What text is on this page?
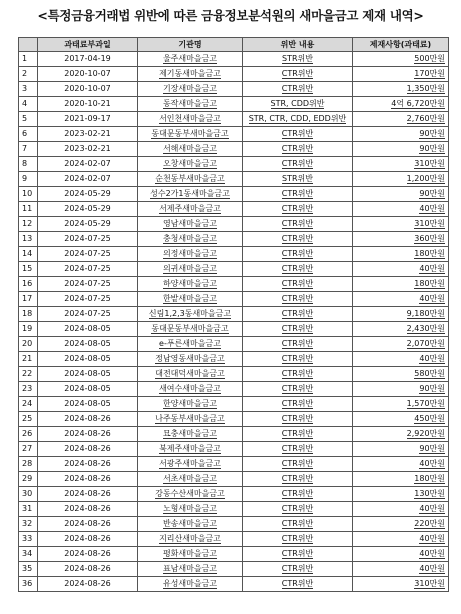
<특정금융거래법 위반에 따른 금융정보분석원의 새마을금고 제재 내역>
	과태료부과일	기관명	위반 내용	제재사항(과태료)
1	2017-04-19	울주새마을금고	STR위반	500만원
2	2020-10-07	제기동새마을금고	CTR위반	170만원
3	2020-10-07	기장새마을금고	CTR위반	1,350만원
4	2020-10-21	동작새마을금고	STR, CDD위반	4억 6,720만원
5	2021-09-17	서인천새마을금고	STR, CTR, CDD, EDD위반	2,760만원
6	2023-02-21	동대문동부새마을금고	CTR위반	90만원
7	2023-02-21	서해새마을금고	CTR위반	90만원
8	2024-02-07	오창새마을금고	CTR위반	310만원
9	2024-02-07	순천동부새마을금고	STR위반	1,200만원
10	2024-05-29	성수2가1동새마을금고	CTR위반	90만원
11	2024-05-29	서제주새마을금고	CTR위반	40만원
12	2024-05-29	영남새마을금고	CTR위반	310만원
13	2024-07-25	충청새마을금고	CTR위반	360만원
14	2024-07-25	의정새마을금고	CTR위반	180만원
15	2024-07-25	의귀새마을금고	CTR위반	40만원
16	2024-07-25	하양새마을금고	CTR위반	180만원
17	2024-07-25	한밭새마을금고	CTR위반	40만원
18	2024-07-25	신림1,2,3동새마을금고	CTR위반	9,180만원
19	2024-08-05	동대문동부새마을금고	CTR위반	2,430만원
20	2024-08-05	e-푸른새마을금고	CTR위반	2,070만원
21	2024-08-05	정남영동새마을금고	CTR위반	40만원
22	2024-08-05	대전대덕새마을금고	CTR위반	580만원
23	2024-08-05	새여수새마을금고	CTR위반	90만원
24	2024-08-05	한양새마을금고	CTR위반	1,570만원
25	2024-08-26	나주동부새마을금고	CTR위반	450만원
26	2024-08-26	묘충새마을금고	CTR위반	2,920만원
27	2024-08-26	북제주새마을금고	CTR위반	90만원
28	2024-08-26	서광주새마을금고	CTR위반	40만원
29	2024-08-26	서초새마을금고	CTR위반	180만원
30	2024-08-26	강동수산새마을금고	CTR위반	130만원
31	2024-08-26	노형새마을금고	CTR위반	40만원
32	2024-08-26	반송새마을금고	CTR위반	220만원
33	2024-08-26	지리산새마을금고	CTR위반	40만원
34	2024-08-26	평화새마을금고	CTR위반	40만원
35	2024-08-26	표남새마을금고	CTR위반	40만원
36	2024-08-26	유성새마을금고	CTR위반	310만원
